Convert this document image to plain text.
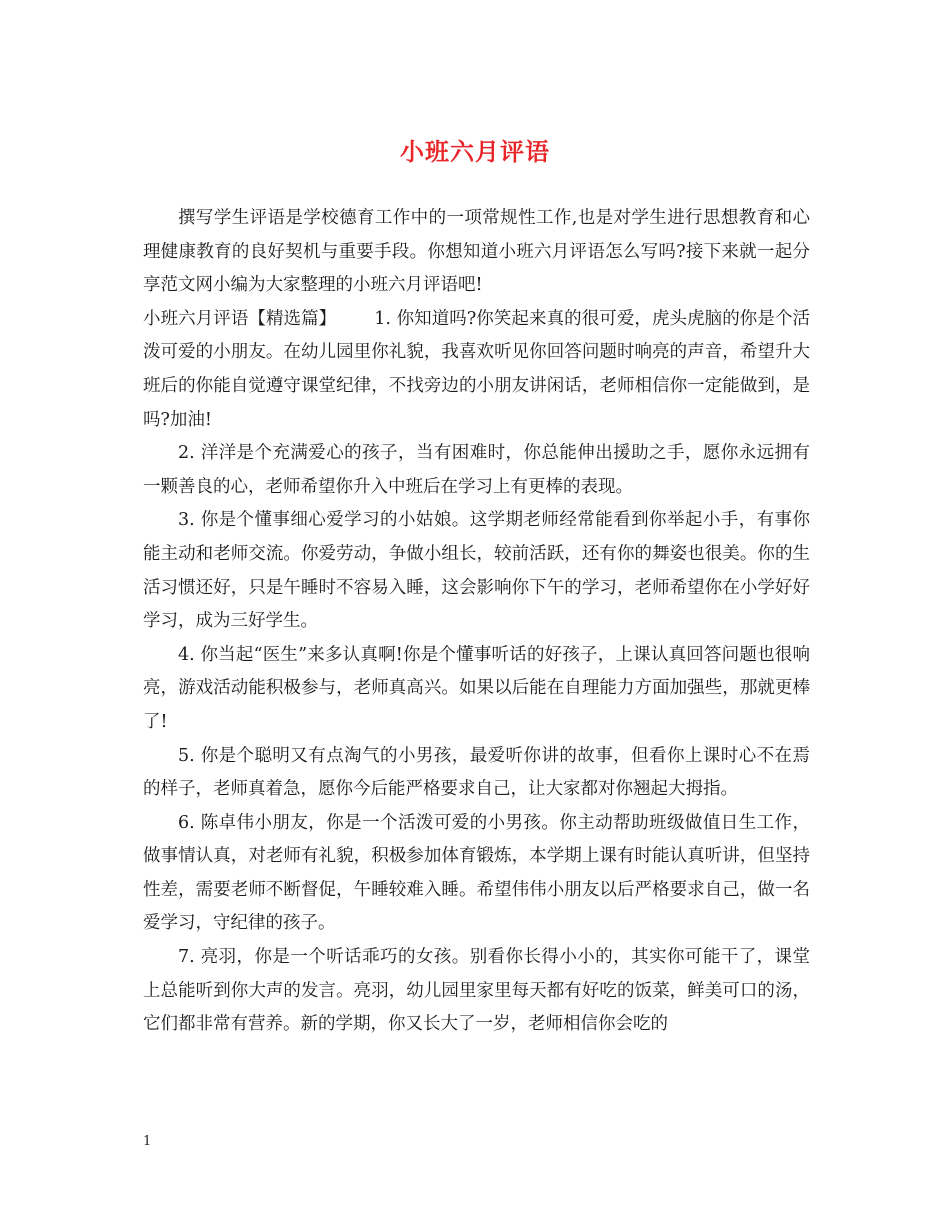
小班六月评语

撰写学生评语是学校德育工作中的一项常规性工作,也是对学生进行思想教育和心理健康教育的良好契机与重要手段。你想知道小班六月评语怎么写吗?接下来就一起分享范文网小编为大家整理的小班六月评语吧!

小班六月评语【精选篇】 1. 你知道吗?你笑起来真的很可爱，虎头虎脑的你是个活泼可爱的小朋友。在幼儿园里你礼貌，我喜欢听见你回答问题时响亮的声音，希望升大班后的你能自觉遵守课堂纪律，不找旁边的小朋友讲闲话，老师相信你一定能做到，是吗?加油!

2. 洋洋是个充满爱心的孩子，当有困难时，你总能伸出援助之手，愿你永远拥有一颗善良的心，老师希望你升入中班后在学习上有更棒的表现。

3. 你是个懂事细心爱学习的小姑娘。这学期老师经常能看到你举起小手，有事你能主动和老师交流。你爱劳动，争做小组长，较前活跃，还有你的舞姿也很美。你的生活习惯还好，只是午睡时不容易入睡，这会影响你下午的学习，老师希望你在小学好好学习，成为三好学生。

4. 你当起“医生”来多认真啊!你是个懂事听话的好孩子，上课认真回答问题也很响亮，游戏活动能积极参与，老师真高兴。如果以后能在自理能力方面加强些，那就更棒了!

5. 你是个聪明又有点淘气的小男孩，最爱听你讲的故事，但看你上课时心不在焉的样子，老师真着急，愿你今后能严格要求自己，让大家都对你翘起大拇指。

6. 陈卓伟小朋友，你是一个活泼可爱的小男孩。你主动帮助班级做值日生工作，做事情认真，对老师有礼貌，积极参加体育锻炼，本学期上课有时能认真听讲，但坚持性差，需要老师不断督促，午睡较难入睡。希望伟伟小朋友以后严格要求自己，做一名爱学习，守纪律的孩子。

7. 亮羽，你是一个听话乖巧的女孩。别看你长得小小的，其实你可能干了，课堂上总能听到你大声的发言。亮羽，幼儿园里家里每天都有好吃的饭菜，鲜美可口的汤，它们都非常有营养。新的学期，你又长大了一岁，老师相信你会吃的

1
